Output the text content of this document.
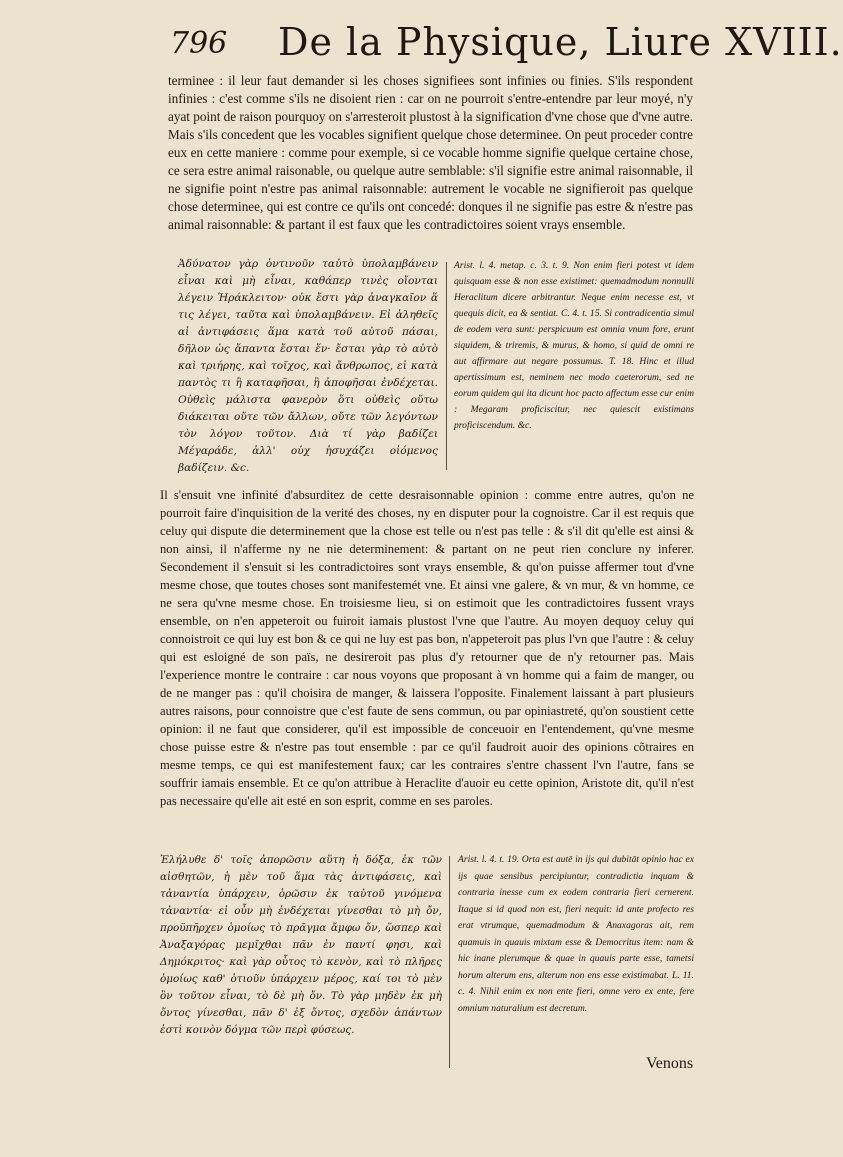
796 De la Physique, Liure XVIII.

terminee : il leur faut demander si les choses signifiees sont infinies ou finies. S'ils respondent infinies : c'est comme s'ils ne disoient rien : car on ne pourroit s'entre-entendre par leur moyé, n'y ayat point de raison pourquoy on s'arresteroit plustost à la signification d'vne chose que d'vne autre. Mais s'ils concedent que les vocables signifient quelque chose determinee. On peut proceder contre eux en cette maniere : comme pour exemple, si ce vocable homme signifie quelque certaine chose, ce sera estre animal raisonable, ou quelque autre semblable: s'il signifie estre animal raisonnable, il ne signifie point n'estre pas animal raisonnable: autrement le vocable ne signifieroit pas quelque chose determinee, qui est contre ce qu'ils ont concedé: donques il ne signifie pas estre & n'estre pas animal raisonnable: & partant il est faux que les contradictoires soient vrays ensemble.

Ἀδύνατον γὰρ ὁντινοῦν ταὐτὸ ὑπολαμβάνειν εἶναι καὶ μὴ εἶναι, καθάπερ τινὲς οἴονται λέγειν Ἡράκλειτον· οὐκ ἔστι γὰρ ἀναγκαῖον ἅ τις λέγει, ταῦτα καὶ ὑπολαμβάνειν. Εἰ ἀληθεῖς αἱ ἀντιφάσεις ἅμα κατὰ τοῦ αὐτοῦ πάσαι, δῆλον ὡς ἅπαντα ἔσται ἕν· ἔσται γὰρ τὸ αὐτὸ καὶ τριήρης, καὶ τοῖχος, καὶ ἄνθρωπος, εἰ κατὰ παντὸς τι ἢ καταφῆσαι, ἢ ἀποφῆσαι ἐνδέχεται. Οὐθεὶς μάλιστα φανερὸν ὅτι οὐθεὶς οὕτω διάκειται οὔτε τῶν ἄλλων, οὔτε τῶν λεγόντων τὸν λόγον τοῦτον. Διὰ τί γὰρ βαδίζει Μέγαράδε, ἀλλ' οὐχ ἡσυχάζει οἰόμενος βαδίζειν. &c.

Arist. l. 4. metap. c. 3. t. 9. Non enim fieri potest vt idem quisquam esse & non esse existimet: quemadmodum nonnulli Heraclitum dicere arbitrantur. Neque enim necesse est, vt quequis dicit, ea & sentiat. C. 4. t. 15. Si contradicentia simul de eodem vera sunt: perspicuum est omnia vnum fore, erunt siquidem, & triremis, & murus, & homo, si quid de omni re aut affirmare aut negare possumus. T. 18. Hinc et illud apertissimum est, neminem nec modo caeterorum, sed ne eorum quidem qui ita dicunt hoc pacto affectum esse cur enim : Megaram proficiscitur, nec quiescit existimans proficiscendum. &c.

Il s'ensuit vne infinité d'absurditez de cette desraisonnable opinion : comme entre autres, qu'on ne pourroit faire d'inquisition de la verité des choses, ny en disputer pour la cognoistre. Car il est requis que celuy qui dispute die determinement que la chose est telle ou n'est pas telle : & s'il dit qu'elle est ainsi & non ainsi, il n'afferme ny ne nie determinement: & partant on ne peut rien conclure ny inferer. Secondement il s'ensuit si les contradictoires sont vrays ensemble, & qu'on puisse affermer tout d'vne mesme chose, que toutes choses sont manifestemét vne. Et ainsi vne galere, & vn mur, & vn homme, ce ne sera qu'vne mesme chose. En troisiesme lieu, si on estimoit que les contradictoires fussent vrays ensemble, on n'en appeteroit ou fuiroit iamais plustost l'vne que l'autre. Au moyen dequoy celuy qui connoistroit ce qui luy est bon & ce qui ne luy est pas bon, n'appeteroit pas plus l'vn que l'autre : & celuy qui est esloigné de son païs, ne desireroit pas plus d'y retourner que de n'y retourner pas. Mais l'experience montre le contraire : car nous voyons que proposant à vn homme qui a faim de manger, ou de ne manger pas : qu'il choisira de manger, & laissera l'opposite. Finalement laissant à part plusieurs autres raisons, pour connoistre que c'est faute de sens commun, ou par opiniastreté, qu'on soustient cette opinion: il ne faut que considerer, qu'il est impossible de conceuoir en l'entendement, qu'vne mesme chose puisse estre & n'estre pas tout ensemble : par ce qu'il faudroit auoir des opinions cõtraires en mesme temps, ce qui est manifestement faux; car les contraires s'entre chassent l'vn l'autre, fans se souffrir iamais ensemble. Et ce qu'on attribue à Heraclite d'auoir eu cette opinion, Aristote dit, qu'il n'est pas necessaire qu'elle ait esté en son esprit, comme en ses paroles.

Ἐλήλυθε δ' τοῖς ἀπορῶσιν αὕτη ἡ δόξα, ἐκ τῶν αἰσθητῶν, ἡ μὲν τοῦ ἅμα τὰς ἀντιφάσεις, καὶ τἀναντία ὑπάρχειν, ὁρῶσιν ἐκ ταὐτοῦ γινόμενα τἀναντία· εἰ οὖν μὴ ἐνδέχεται γίνεσθαι τὸ μὴ ὄν, προϋπῆρχεν ὁμοίως τὸ πρᾶγμα ἄμφω ὄν, ὥσπερ καὶ Ἀναξαγόρας μεμῖχθαι πᾶν ἐν παντί φησι, καὶ Δημόκριτος· καὶ γὰρ οὗτος τὸ κενὸν, καὶ τὸ πλῆρες ὁμοίως καθ' ὁτιοῦν ὑπάρχειν μέρος, καί τοι τὸ μὲν ὂν τοῦτον εἶναι, τὸ δὲ μὴ ὄν. Τὸ γὰρ μηδὲν ἐκ μὴ ὄντος γίνεσθαι, πᾶν δ' ἐξ ὄντος, σχεδὸν ἁπάντων ἐστὶ κοινὸν δόγμα τῶν περὶ φύσεως.

Arist. l. 4. t. 19. Orta est autē in ijs qui dubitāt opinio hac ex ijs quae sensibus percipiuntur, contradictia inquam & contraria inesse cum ex eodem contraria fieri cernerent. Itaque si id quod non est, fieri nequit: id ante profecto res erat vtrumque, quemadmodum & Anaxagoras ait, rem quamuis in quauis mixtam esse & Democritus item: nam & hic inane plerumque & quae in quauis parte esse, tametsi horum alterum ens, alterum non ens esse existimabat. L. 11. c. 4. Nihil enim ex non ente fieri, omne vero ex ente, fere omnium naturalium est decretum.

Venons
